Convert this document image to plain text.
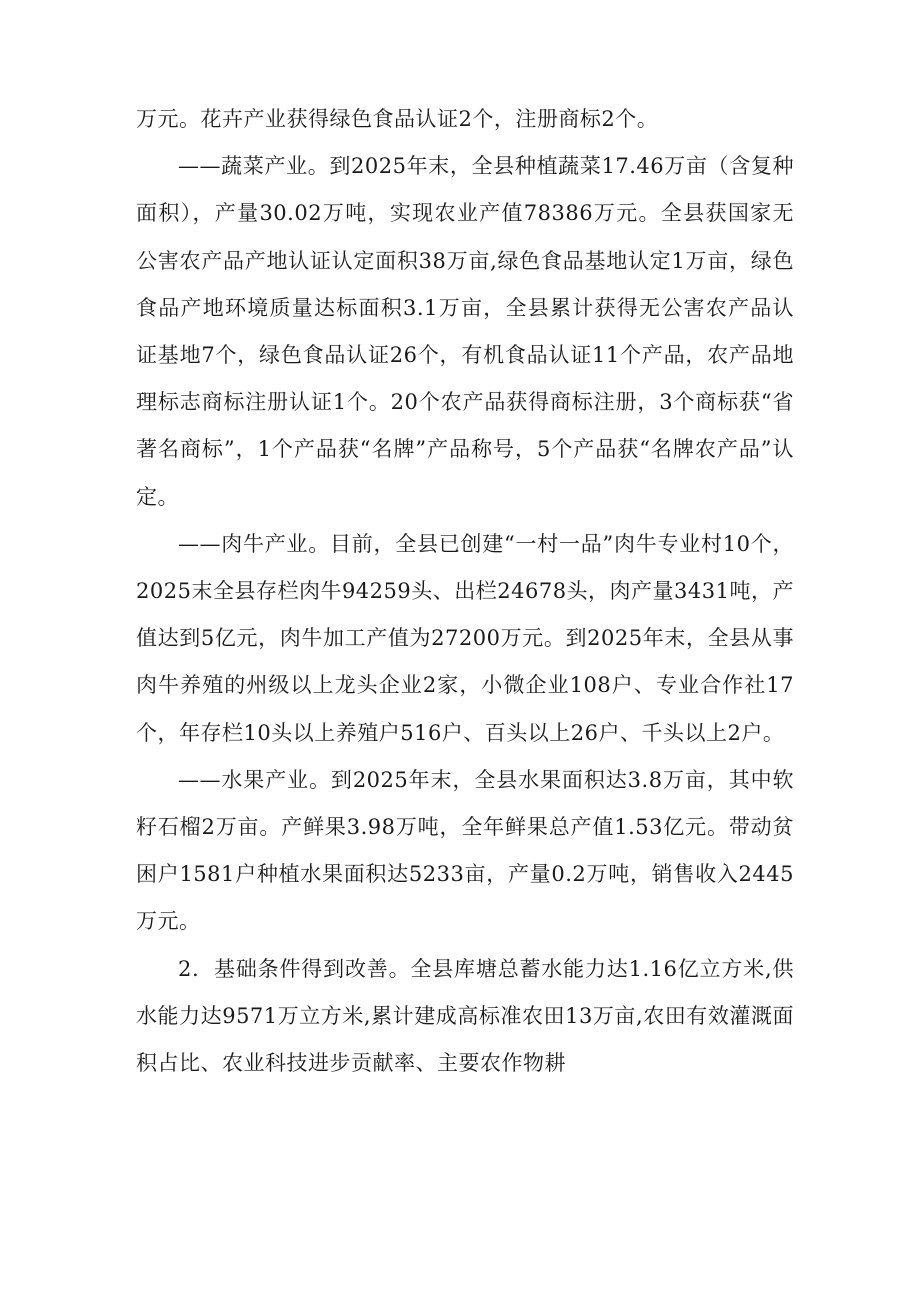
万元。花卉产业获得绿色食品认证2个，注册商标2个。

——蔬菜产业。到2025年末，全县种植蔬菜17.46万亩（含复种面积），产量30.02万吨，实现农业产值78386万元。全县获国家无公害农产品产地认证认定面积38万亩,绿色食品基地认定1万亩，绿色食品产地环境质量达标面积3.1万亩，全县累计获得无公害农产品认证基地7个，绿色食品认证26个，有机食品认证11个产品，农产品地理标志商标注册认证1个。20个农产品获得商标注册，3个商标获“省著名商标”，1个产品获“名牌”产品称号，5个产品获“名牌农产品”认定。

——肉牛产业。目前，全县已创建“一村一品”肉牛专业村10个，2025末全县存栏肉牛94259头、出栏24678头，肉产量3431吨，产值达到5亿元，肉牛加工产值为27200万元。到2025年末，全县从事肉牛养殖的州级以上龙头企业2家，小微企业108户、专业合作社17个，年存栏10头以上养殖户516户、百头以上26户、千头以上2户。

——水果产业。到2025年末，全县水果面积达3.8万亩，其中软籽石榴2万亩。产鲜果3.98万吨，全年鲜果总产值1.53亿元。带动贫困户1581户种植水果面积达5233亩，产量0.2万吨，销售收入2445万元。

2．基础条件得到改善。全县库塘总蓄水能力达1.16亿立方米,供水能力达9571万立方米,累计建成高标准农田13万亩,农田有效灌溉面积占比、农业科技进步贡献率、主要农作物耕
